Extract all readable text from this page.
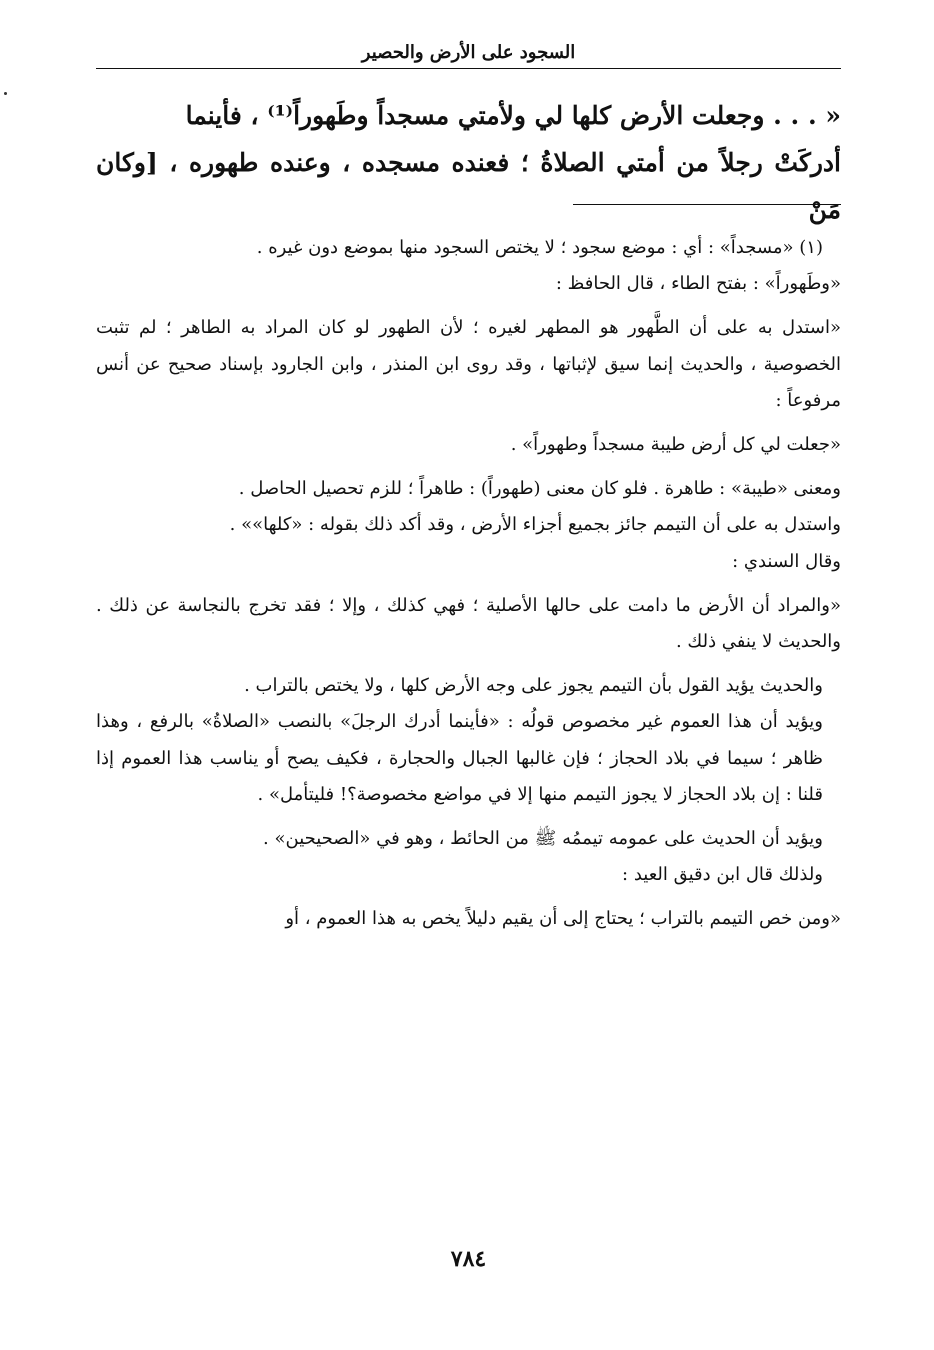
السجود على الأرض والحصير

« . . . وجعلت الأرض كلها لي ولأمتي مسجداً وطَهوراً⁽¹⁾ ، فأينما

أدركَتْ رجلاً من أمتي الصلاةُ ؛ فعنده مسجده ، وعنده طهوره ، [وكان مَنْ

(١) «مسجداً» : أي : موضع سجود ؛ لا يختص السجود منها بموضع دون غيره .

«وطَهوراً» : بفتح الطاء ، قال الحافظ :

«استدل به على أن الطَّهور هو المطهر لغيره ؛ لأن الطهور لو كان المراد به الطاهر ؛ لم تثبت الخصوصية ، والحديث إنما سيق لإثباتها ، وقد روى ابن المنذر ، وابن الجارود بإسناد صحيح عن أنس مرفوعاً :

«جعلت لي كل أرض طيبة مسجداً وطهوراً» .

ومعنى «طيبة» : طاهرة . فلو كان معنى (طهوراً) : طاهراً ؛ للزم تحصيل الحاصل .

واستدل به على أن التيمم جائز بجميع أجزاء الأرض ، وقد أكد ذلك بقوله : «كلها»» .

وقال السندي :

«والمراد أن الأرض ما دامت على حالها الأصلية ؛ فهي كذلك ، وإلا ؛ فقد تخرج بالنجاسة عن ذلك . والحديث لا ينفي ذلك .

والحديث يؤيد القول بأن التيمم يجوز على وجه الأرض كلها ، ولا يختص بالتراب .

ويؤيد أن هذا العموم غير مخصوص قولُه : «فأينما أدرك الرجلَ» بالنصب «الصلاةُ» بالرفع ، وهذا ظاهر ؛ سيما في بلاد الحجاز ؛ فإن غالبها الجبال والحجارة ، فكيف يصح أو يناسب هذا العموم إذا قلنا : إن بلاد الحجاز لا يجوز التيمم منها إلا في مواضع مخصوصة؟! فليتأمل» .

ويؤيد أن الحديث على عمومه تيممُه ﷺ من الحائط ، وهو في «الصحيحين» .

ولذلك قال ابن دقيق العيد :

«ومن خص التيمم بالتراب ؛ يحتاج إلى أن يقيم دليلاً يخص به هذا العموم ، أو

٧٨٤
